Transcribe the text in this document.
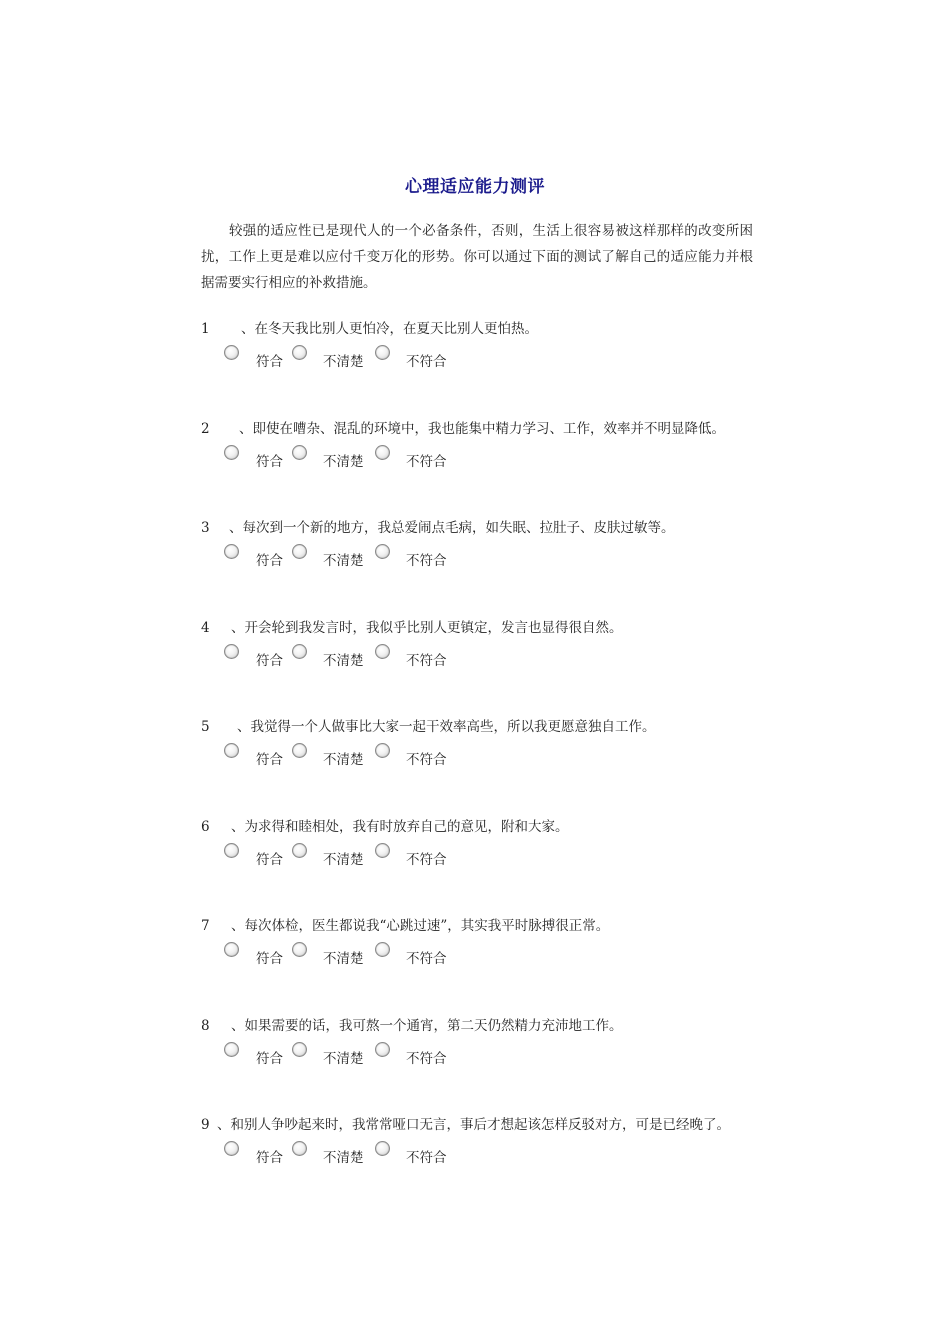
心理适应能力测评
较强的适应性已是现代人的一个必备条件，否则，生活上很容易被这样那样的改变所困扰，工作上更是难以应付千变万化的形势。你可以通过下面的测试了解自己的适应能力并根据需要实行相应的补救措施。
1 、在冬天我比别人更怕冷，在夏天比别人更怕热。
符合	不清楚	不符合
2 、即使在嘈杂、混乱的环境中，我也能集中精力学习、工作，效率并不明显降低。
符合	不清楚	不符合
3 、每次到一个新的地方，我总爱闹点毛病，如失眠、拉肚子、皮肤过敏等。
符合	不清楚	不符合
4 、开会轮到我发言时，我似乎比别人更镇定，发言也显得很自然。
符合	不清楚	不符合
5 、我觉得一个人做事比大家一起干效率高些，所以我更愿意独自工作。
符合	不清楚	不符合
6 、为求得和睦相处，我有时放弃自己的意见，附和大家。
符合	不清楚	不符合
7 、每次体检，医生都说我“心跳过速”，其实我平时脉搏很正常。
符合	不清楚	不符合
8 、如果需要的话，我可熬一个通宵，第二天仍然精力充沛地工作。
符合	不清楚	不符合
9 、和别人争吵起来时，我常常哑口无言，事后才想起该怎样反驳对方，可是已经晚了。
符合	不清楚	不符合
